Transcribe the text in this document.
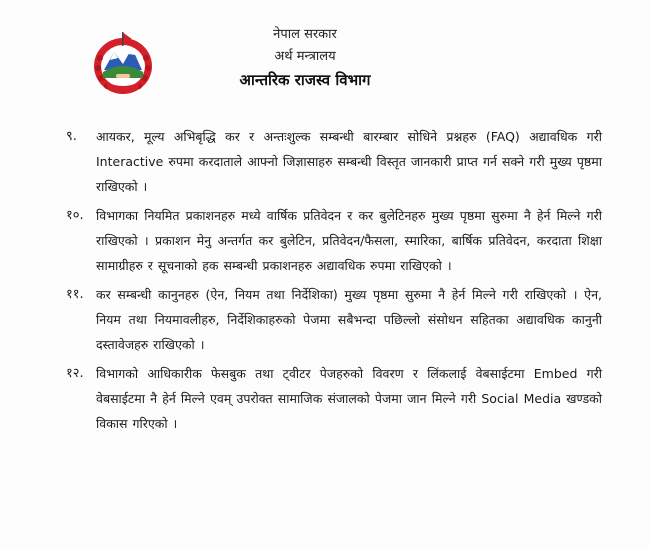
नेपाल सरकार
अर्थ मन्त्रालय
आन्तरिक राजस्व विभाग
९. आयकर, मूल्य अभिबृद्धि कर र अन्तःशुल्क सम्बन्धी बारम्बार सोधिने प्रश्नहरु (FAQ) अद्यावधिक गरी Interactive रुपमा करदाताले आफ्नो जिज्ञासाहरु सम्बन्धी विस्तृत जानकारी प्राप्त गर्न सक्ने गरी मुख्य पृष्ठमा राखिएको ।
१०. विभागका नियमित प्रकाशनहरु मध्ये वार्षिक प्रतिवेदन र कर बुलेटिनहरु मुख्य पृष्ठमा सुरुमा नै हेर्न मिल्ने गरी राखिएको । प्रकाशन मेनु अन्तर्गत कर बुलेटिन, प्रतिवेदन/फैसला, स्मारिका, बार्षिक प्रतिवेदन, करदाता शिक्षा सामाग्रीहरु र सूचनाको हक सम्बन्धी प्रकाशनहरु अद्यावधिक रुपमा राखिएको ।
११. कर सम्बन्धी कानुनहरु (ऐन, नियम तथा निर्देशिका) मुख्य पृष्ठमा सुरुमा नै हेर्न मिल्ने गरी राखिएको । ऐन, नियम तथा नियमावलीहरु, निर्देशिकाहरुको पेजमा सबैभन्दा पछिल्लो संसोधन सहितका अद्यावधिक कानुनी दस्तावेजहरु राखिएको ।
१२. विभागको आधिकारीक फेसबुक तथा ट्वीटर पेजहरुको विवरण र लिंकलाई वेबसाईटमा Embed गरी वेबसाईटमा नै हेर्न मिल्ने एवम् उपरोक्त सामाजिक संजालको पेजमा जान मिल्ने गरी Social Media खण्डको विकास गरिएको ।
